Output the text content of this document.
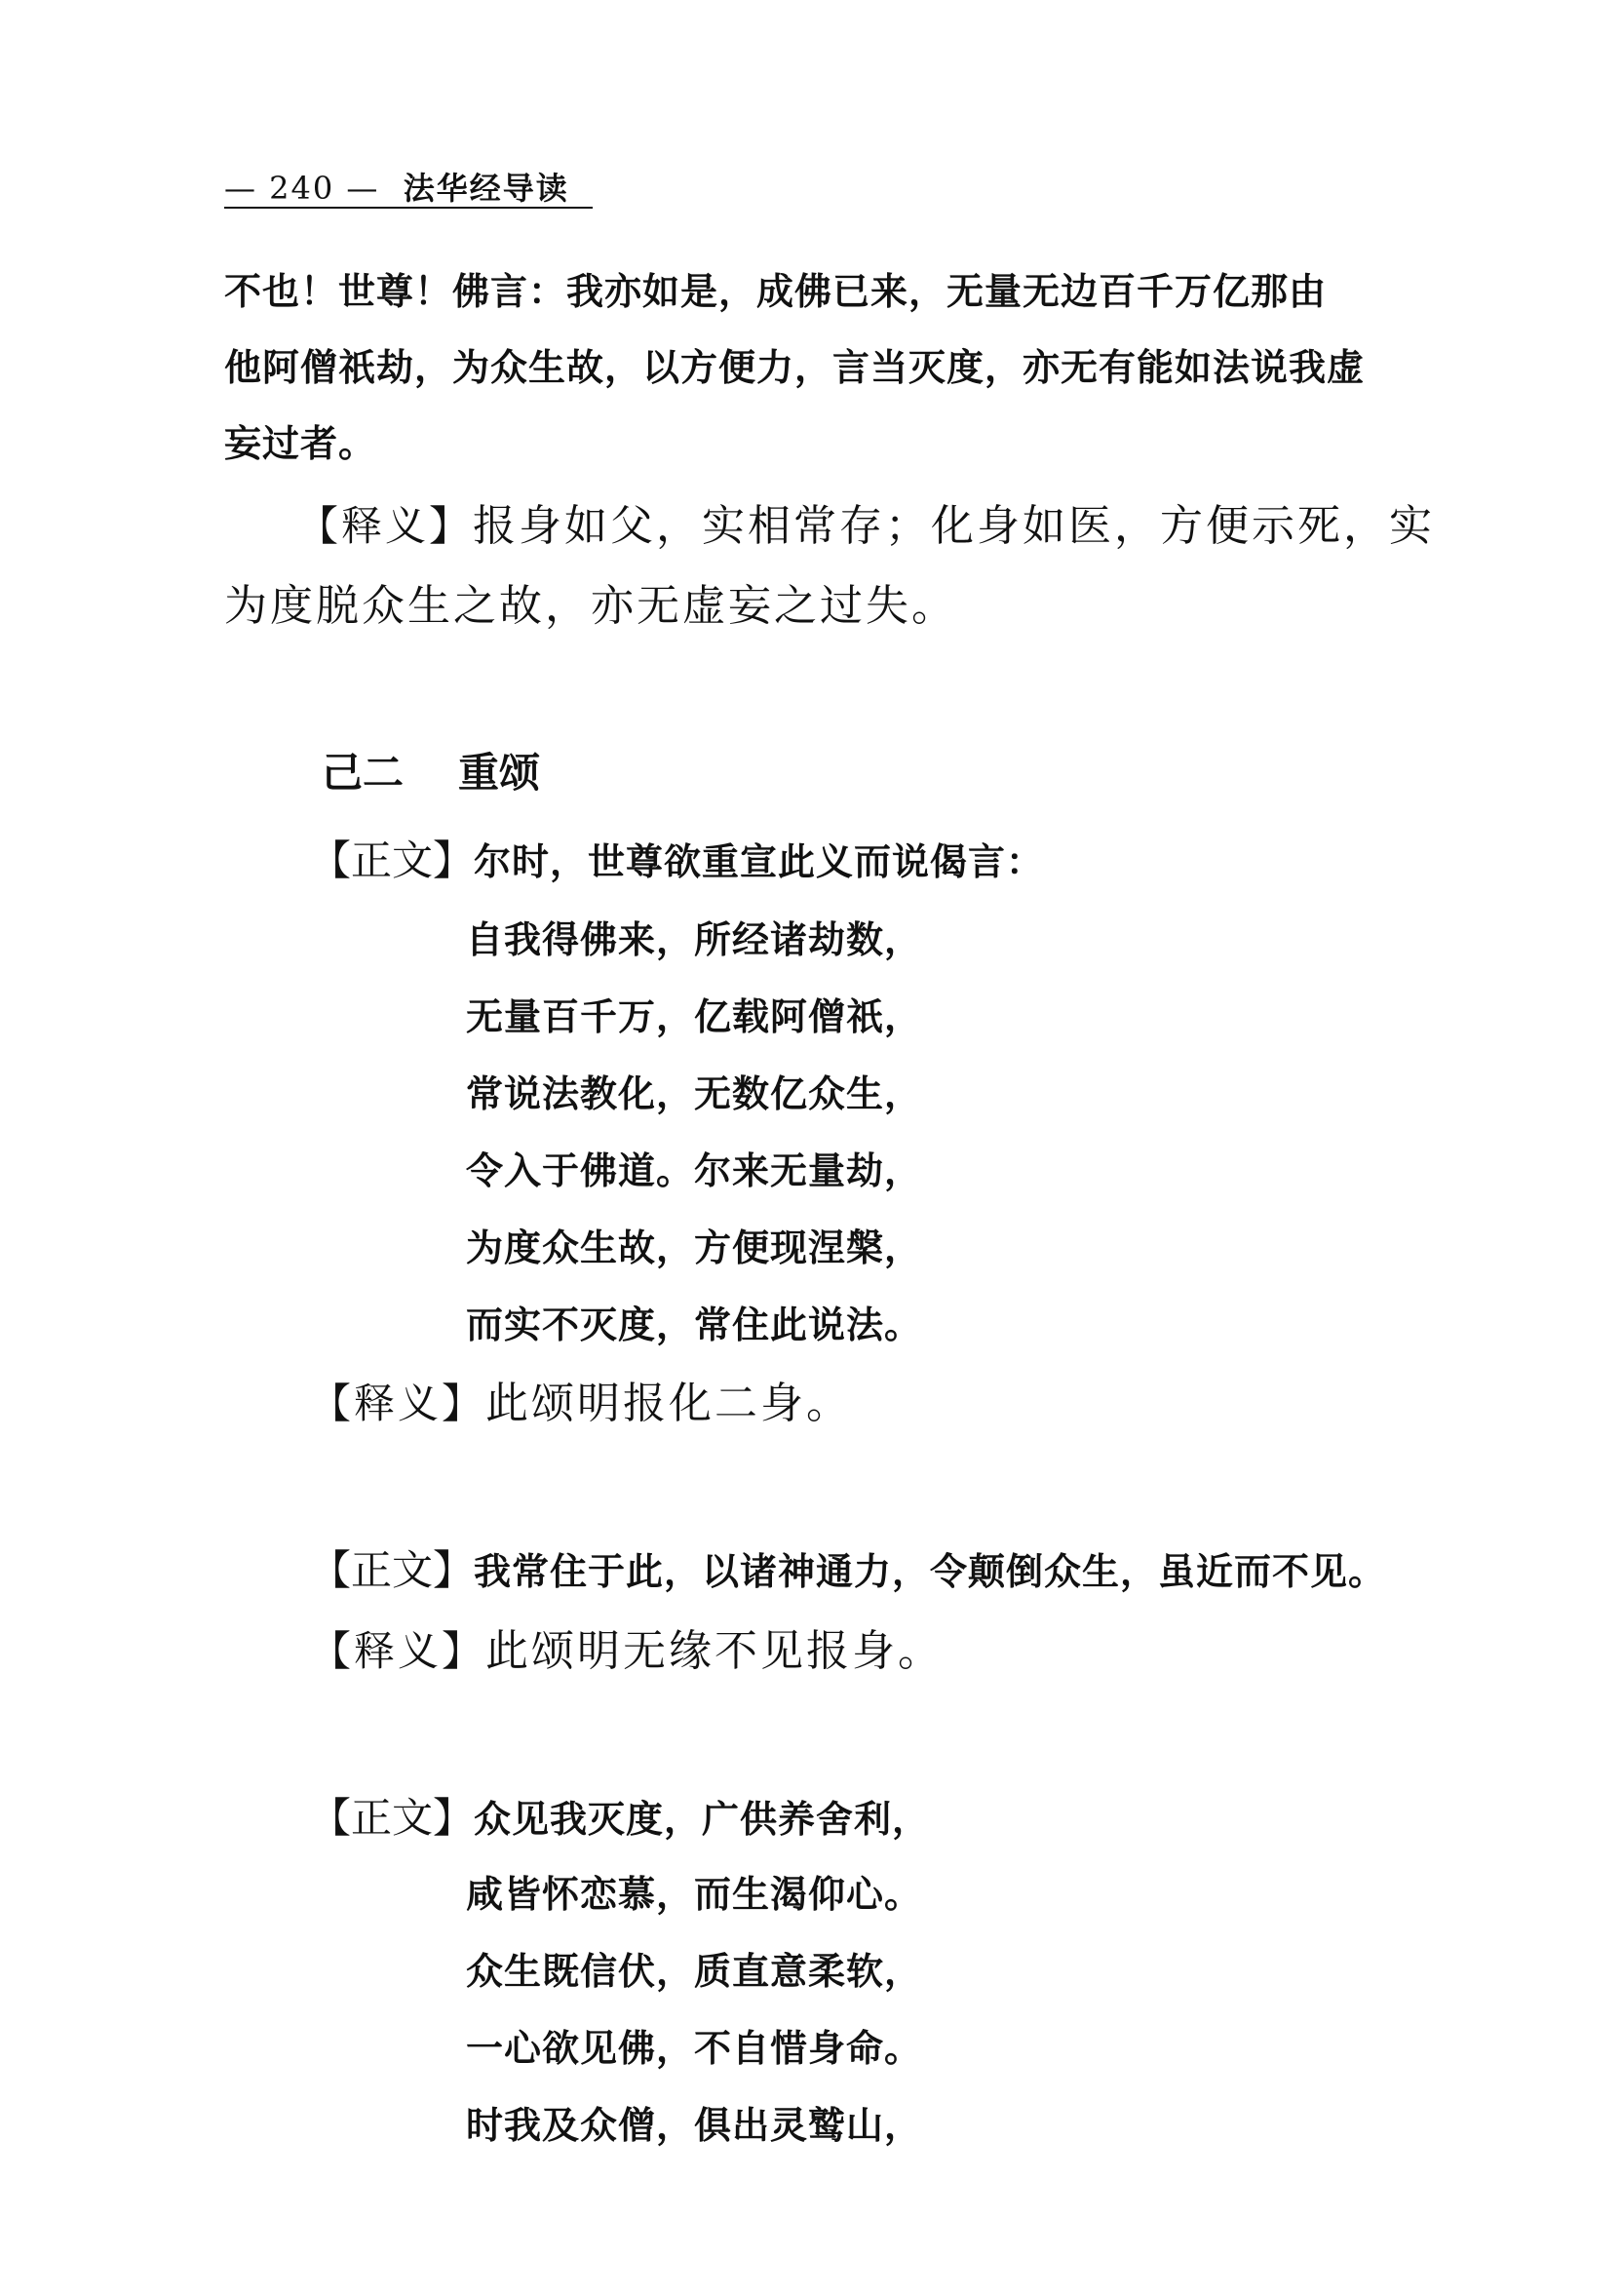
— 240 — 法华经导读
不也！世尊！佛言：我亦如是，成佛已来，无量无边百千万亿那由
他阿僧祇劫，为众生故，以方便力，言当灭度，亦无有能如法说我虚
妄过者。
【释义】报身如父，实相常存；化身如医，方便示死，实
为度脱众生之故，亦无虚妄之过失。
己二 重颂
【正文】尔时，世尊欲重宣此义而说偈言：
自我得佛来，所经诸劫数，
无量百千万，亿载阿僧祇，
常说法教化，无数亿众生，
令入于佛道。尔来无量劫，
为度众生故，方便现涅槃，
而实不灭度，常住此说法。
【释义】此颂明报化二身。
【正文】我常住于此，以诸神通力，令颠倒众生，虽近而不见。
【释义】此颂明无缘不见报身。
【正文】众见我灭度，广供养舍利，
咸皆怀恋慕，而生渴仰心。
众生既信伏，质直意柔软，
一心欲见佛，不自惜身命。
时我及众僧，俱出灵鹫山，
